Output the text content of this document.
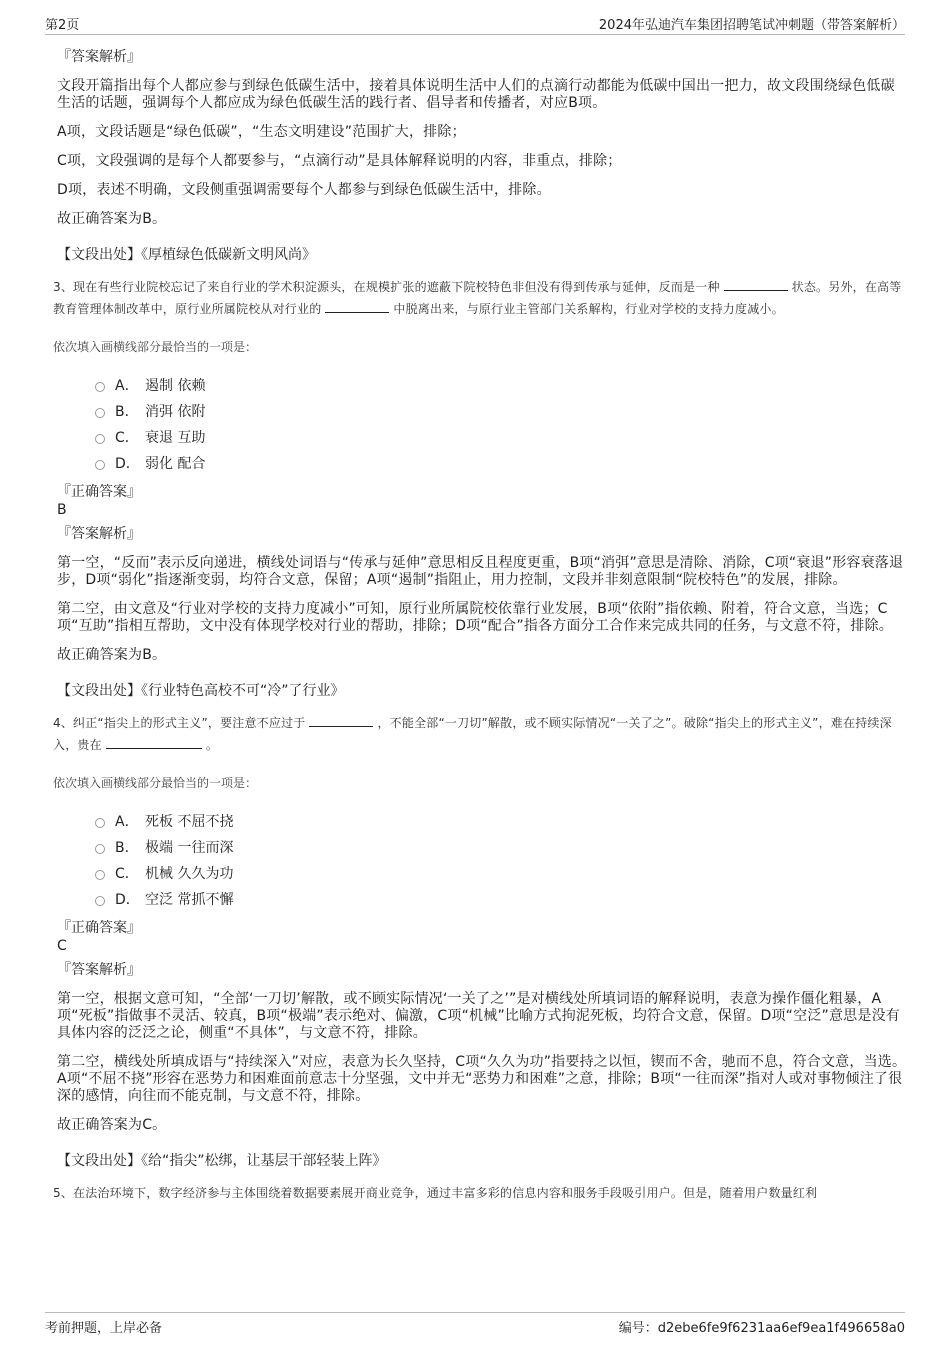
第2页	2024年弘迪汽车集团招聘笔试冲刺题（带答案解析）
『答案解析』

文段开篇指出每个人都应参与到绿色低碳生活中，接着具体说明生活中人们的点滴行动都能为低碳中国出一把力，故文段围绕绿色低碳生活的话题，强调每个人都应成为绿色低碳生活的践行者、倡导者和传播者，对应B项。

A项，文段话题是“绿色低碳”，“生态文明建设”范围扩大，排除；

C项，文段强调的是每个人都要参与，“点滴行动”是具体解释说明的内容，非重点，排除；

D项，表述不明确，文段侧重强调需要每个人都参与到绿色低碳生活中，排除。

故正确答案为B。

【文段出处】《厚植绿色低碳新文明风尚》

3、现在有些行业院校忘记了来自行业的学术积淀源头，在规模扩张的遮蔽下院校特色非但没有得到传承与延伸，反而是一种	状态。另外，在高等教育管理体制改革中，原行业所属院校从对行业的	中脱离出来，与原行业主管部门关系解构，行业对学校的支持力度减小。

依次填入画横线部分最恰当的一项是：
A． 遏制 依赖
B． 消弭 依附
C． 衰退 互助
D． 弱化 配合
『正确答案』
B
『答案解析』

第一空，“反而”表示反向递进，横线处词语与“传承与延伸”意思相反且程度更重，B项“消弭”意思是清除、消除，C项“衰退”形容衰落退步，D项“弱化”指逐渐变弱，均符合文意，保留；A项“遏制”指阻止，用力控制，文段并非刻意限制“院校特色”的发展，排除。

第二空，由文意及“行业对学校的支持力度减小”可知，原行业所属院校依靠行业发展，B项“依附”指依赖、附着，符合文意，当选；C项“互助”指相互帮助，文中没有体现学校对行业的帮助，排除；D项“配合”指各方面分工合作来完成共同的任务，与文意不符，排除。

故正确答案为B。

【文段出处】《行业特色高校不可“冷”了行业》

4、纠正“指尖上的形式主义”，要注意不应过于	，不能全部“一刀切”解散，或不顾实际情况“一关了之”。破除“指尖上的形式主义”，难在持续深入，贵在	。

依次填入画横线部分最恰当的一项是：
A． 死板 不屈不挠
B． 极端 一往而深
C． 机械 久久为功
D． 空泛 常抓不懈
『正确答案』
C
『答案解析』

第一空，根据文意可知，“全部‘一刀切’解散，或不顾实际情况‘一关了之’”是对横线处所填词语的解释说明，表意为操作僵化粗暴，A项“死板”指做事不灵活、较真，B项“极端”表示绝对、偏激，C项“机械”比喻方式拘泥死板，均符合文意，保留。D项“空泛”意思是没有具体内容的泛泛之论，侧重“不具体”，与文意不符，排除。

第二空，横线处所填成语与“持续深入”对应，表意为长久坚持，C项“久久为功”指要持之以恒，锲而不舍，驰而不息，符合文意，当选。A项“不屈不挠”形容在恶势力和困难面前意志十分坚强，文中并无“恶势力和困难”之意，排除；B项“一往而深”指对人或对事物倾注了很深的感情，向往而不能克制，与文意不符，排除。

故正确答案为C。

【文段出处】《给“指尖”松绑，让基层干部轻装上阵》

5、在法治环境下，数字经济参与主体围绕着数据要素展开商业竞争，通过丰富多彩的信息内容和服务手段吸引用户。但是，随着用户数量红利

考前押题，上岸必备	编号：d2ebe6fe9f6231aa6ef9ea1f496658a0
